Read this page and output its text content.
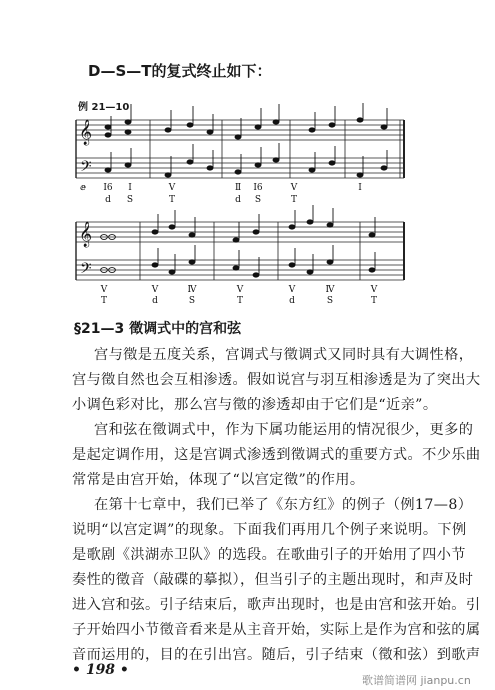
D—S—T的复式终止如下：
例 21—10
𝄞
𝄢
𝄞
𝄢
ⅇ Ⅰ6 Ⅰ	V	Ⅱ I6	V	I
d S	T	d S	T
V	V	Ⅳ	V	V	Ⅳ	V
T	d	S	T	d	S	T
§21—3 徵调式中的宫和弦
宫与徵是五度关系，宫调式与徵调式又同时具有大调性格，
宫与徵自然也会互相渗透。假如说宫与羽互相渗透是为了突出大
小调色彩对比，那么宫与徵的渗透却由于它们是“近亲”。
宫和弦在徵调式中，作为下属功能运用的情况很少，更多的
是起定调作用，这是宫调式渗透到徵调式的重要方式。不少乐曲
常常是由宫开始，体现了“以宫定徵”的作用。
在第十七章中，我们已举了《东方红》的例子（例17—8）
说明“以宫定调”的现象。下面我们再用几个例子来说明。下例
是歌剧《洪湖赤卫队》的选段。在歌曲引子的开始用了四小节
奏性的徵音（敲碟的摹拟），但当引子的主题出现时，和声及时
进入宫和弦。引子结束后，歌声出现时，也是由宫和弦开始。引
子开始四小节徵音看来是从主音开始，实际上是作为宫和弦的属
音而运用的，目的在引出宫。随后，引子结束（徵和弦）到歌声
• 198 •
歌谱简谱网 jianpu.cn
